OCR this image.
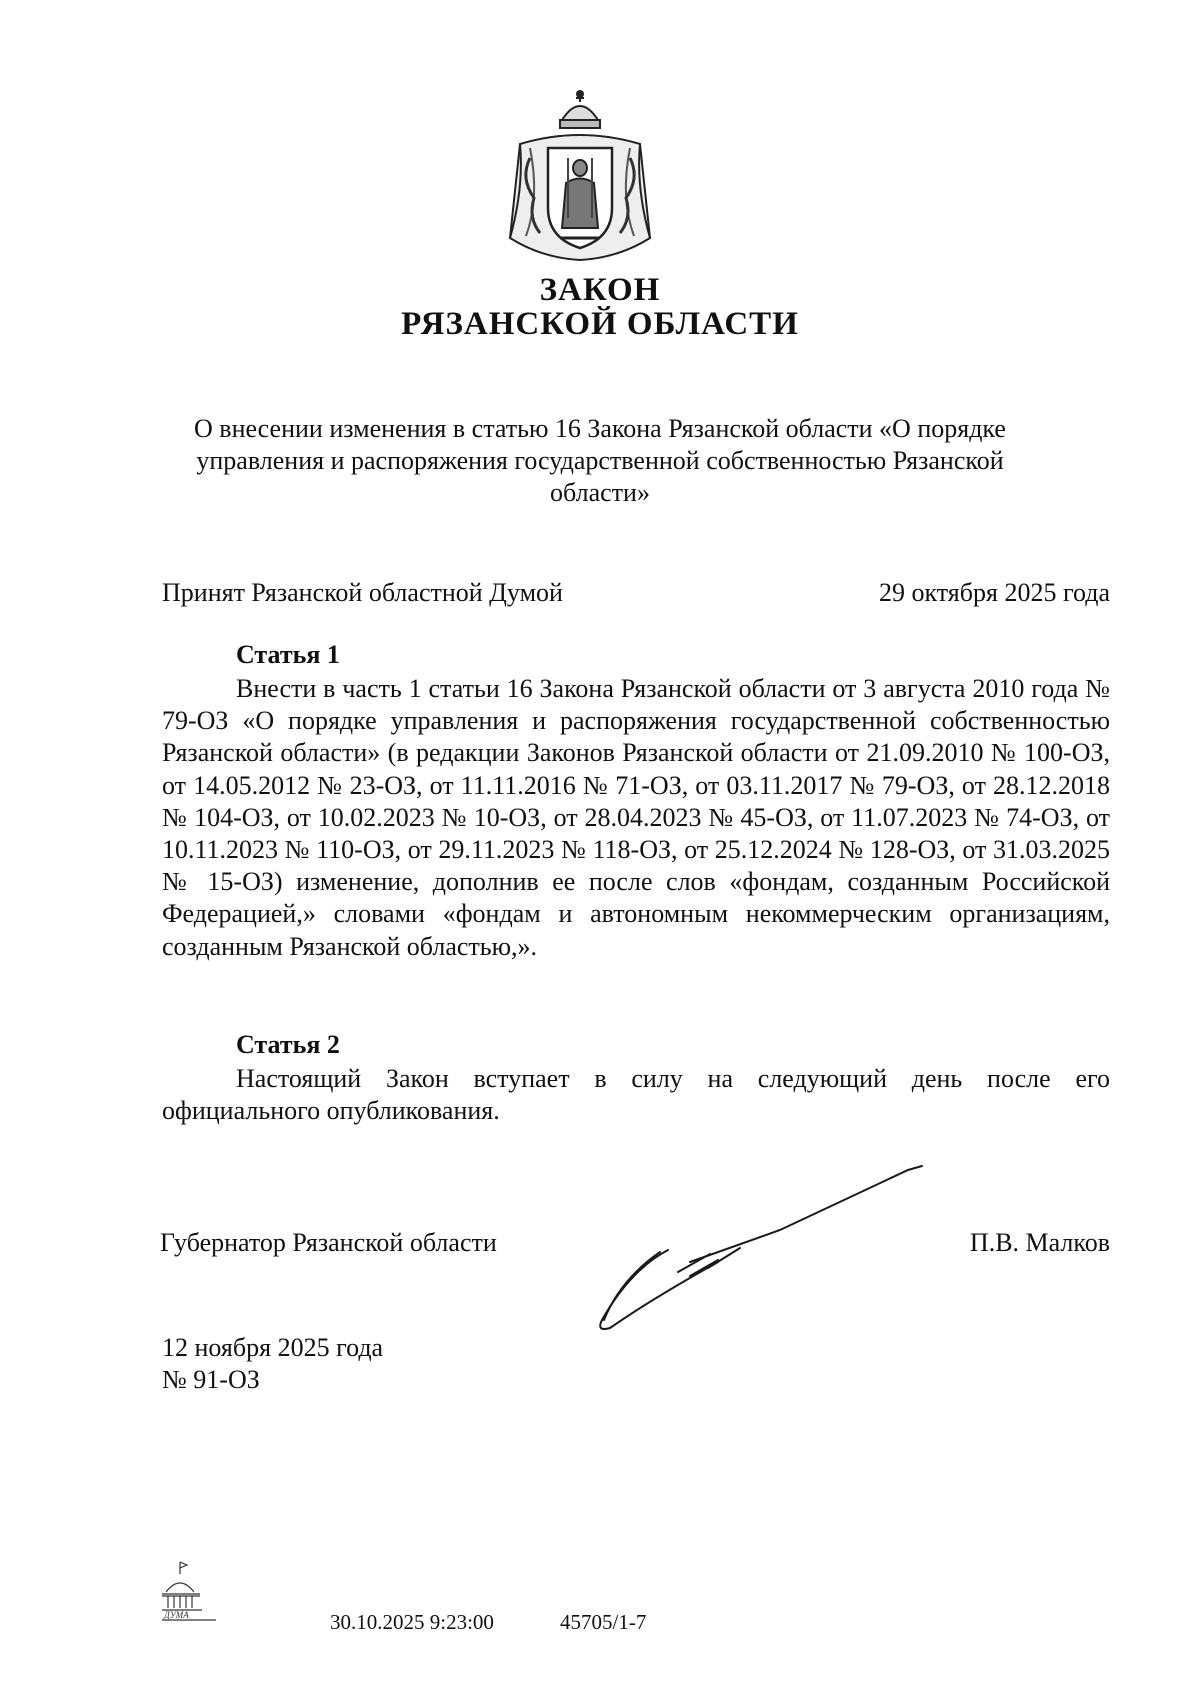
ЗАКОН
РЯЗАНСКОЙ ОБЛАСТИ
О внесении изменения в статью 16 Закона Рязанской области «О порядке управления и распоряжения государственной собственностью Рязанской области»
Принят Рязанской областной Думой	29 октября 2025 года
Статья 1
Внести в часть 1 статьи 16 Закона Рязанской области от 3 августа 2010 года № 79-ОЗ «О порядке управления и распоряжения государственной собственностью Рязанской области» (в редакции Законов Рязанской области от 21.09.2010 № 100-ОЗ, от 14.05.2012 № 23-ОЗ, от 11.11.2016 № 71-ОЗ, от 03.11.2017 № 79-ОЗ, от 28.12.2018 № 104-ОЗ, от 10.02.2023 № 10-ОЗ, от 28.04.2023 № 45-ОЗ, от 11.07.2023 № 74-ОЗ, от 10.11.2023 № 110-ОЗ, от 29.11.2023 № 118-ОЗ, от 25.12.2024 № 128-ОЗ, от 31.03.2025 № 15-ОЗ) изменение, дополнив ее после слов «фондам, созданным Российской Федерацией,» словами «фондам и автономным некоммерческим организациям, созданным Рязанской областью,».
Статья 2
Настоящий Закон вступает в силу на следующий день после его официального опубликования.
Губернатор Рязанской области	П.В. Малков
12 ноября 2025 года
№ 91-ОЗ
ДУМА	30.10.2025 9:23:00	45705/1-7
